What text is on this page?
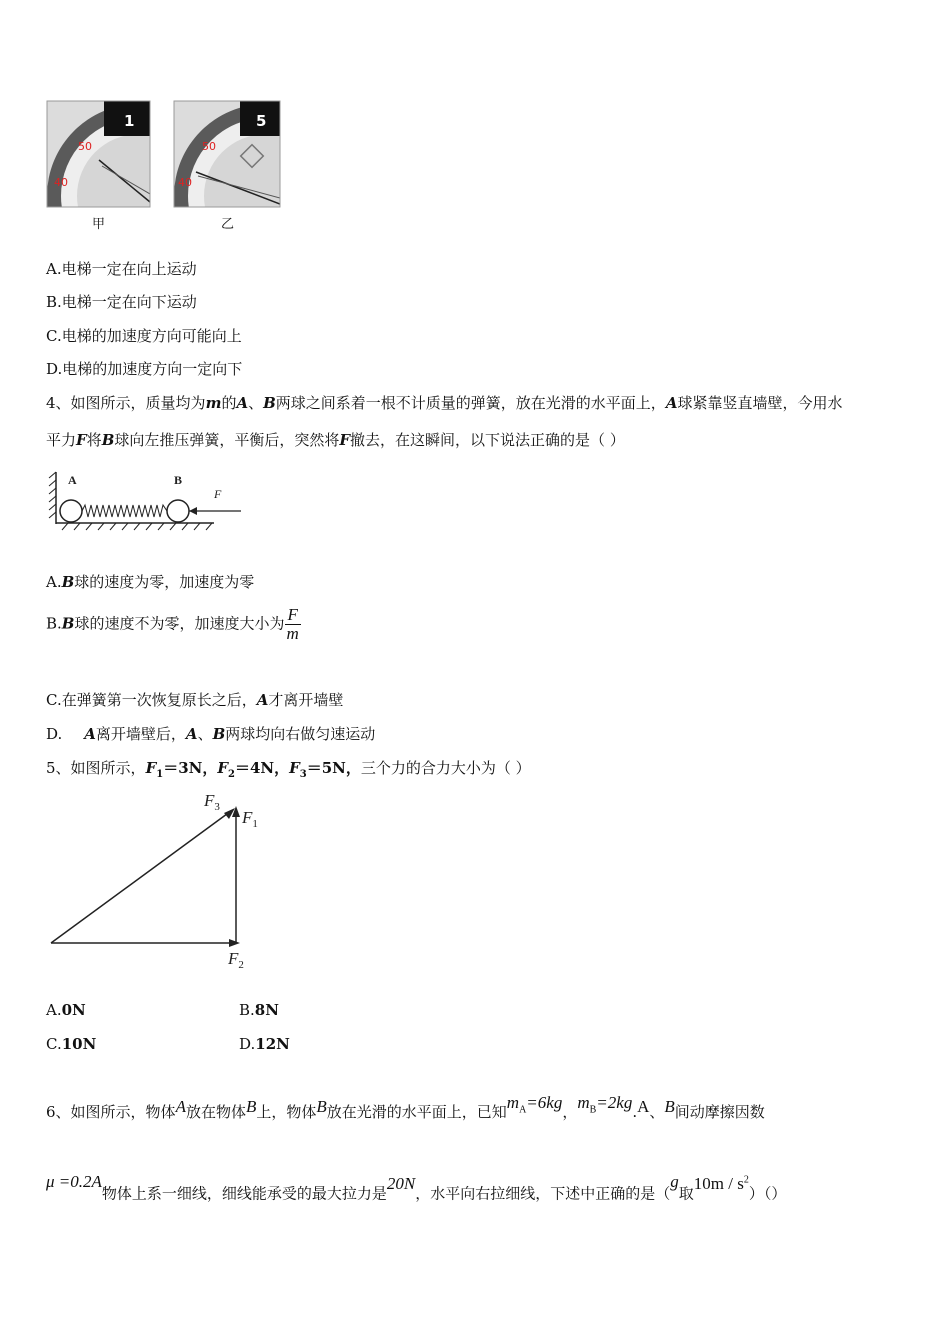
1
50
40
甲
5
50
40
乙
A.电梯一定在向上运动
B.电梯一定在向下运动
C.电梯的加速度方向可能向上
D.电梯的加速度方向一定向下
4、如图所示，质量均为m的A、B两球之间系着一根不计质量的弹簧，放在光滑的水平面上，A球紧靠竖直墙壁，今用水
平力F将B球向左推压弹簧，平衡后，突然将F撤去，在这瞬间，以下说法正确的是（ ）
A	B
F
A.B球的速度为零，加速度为零
B.B球的速度不为零，加速度大小为 $\frac{F}{m}$
C.在弹簧第一次恢复原长之后，A才离开墙壁
D. A离开墙壁后，A、B两球均向右做匀速运动
5、如图所示，$F_1=3N$，$F_2=4N$，$F_3=5N$，三个力的合力大小为（ ）
$F_3$
$F_1$
$F_2$
A.0N	B.8N
C.10N	D.12N
6、如图所示，物体A放在物体B上，物体B放在光滑的水平面上，已知$m_A=6kg$，$m_B=2kg.A$、B间动摩擦因数
μ =0.2A物体上系一细线，细线能承受的最大拉力是20N，水平向右拉细线，下述中正确的是（g取$10m / s^2)()$
